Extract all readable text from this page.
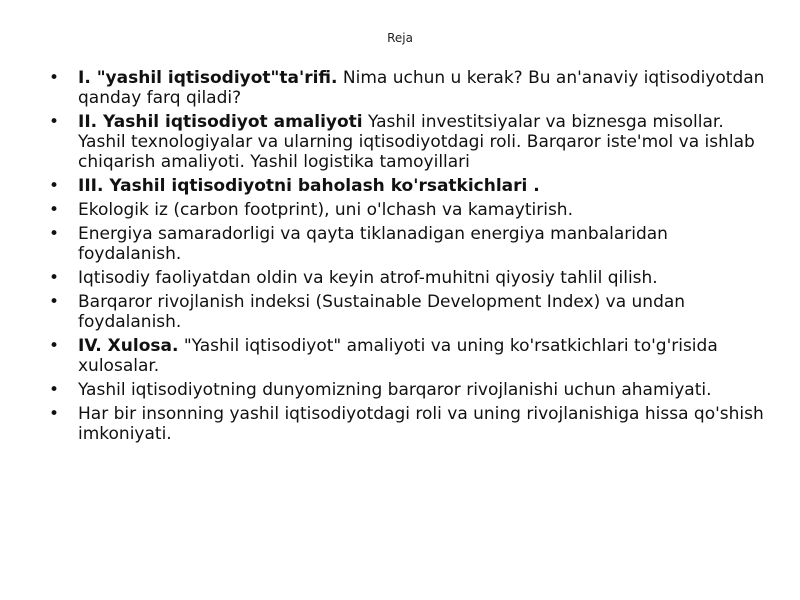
Reja
• I. "yashil iqtisodiyot"ta'rifi. Nima uchun u kerak? Bu an'anaviy iqtisodiyotdan qanday farq qiladi?
• II. Yashil iqtisodiyot amaliyoti Yashil investitsiyalar va biznesga misollar. Yashil texnologiyalar va ularning iqtisodiyotdagi roli. Barqaror iste'mol va ishlab chiqarish amaliyoti. Yashil logistika tamoyillari
• III. Yashil iqtisodiyotni baholash ko'rsatkichlari .
• Ekologik iz (carbon footprint), uni o'lchash va kamaytirish.
• Energiya samaradorligi va qayta tiklanadigan energiya manbalaridan foydalanish.
• Iqtisodiy faoliyatdan oldin va keyin atrof-muhitni qiyosiy tahlil qilish.
• Barqaror rivojlanish indeksi (Sustainable Development Index) va undan foydalanish.
• IV. Xulosa. "Yashil iqtisodiyot" amaliyoti va uning ko'rsatkichlari to'g'risida xulosalar.
• Yashil iqtisodiyotning dunyomizning barqaror rivojlanishi uchun ahamiyati.
• Har bir insonning yashil iqtisodiyotdagi roli va uning rivojlanishiga hissa qo'shish imkoniyati.
